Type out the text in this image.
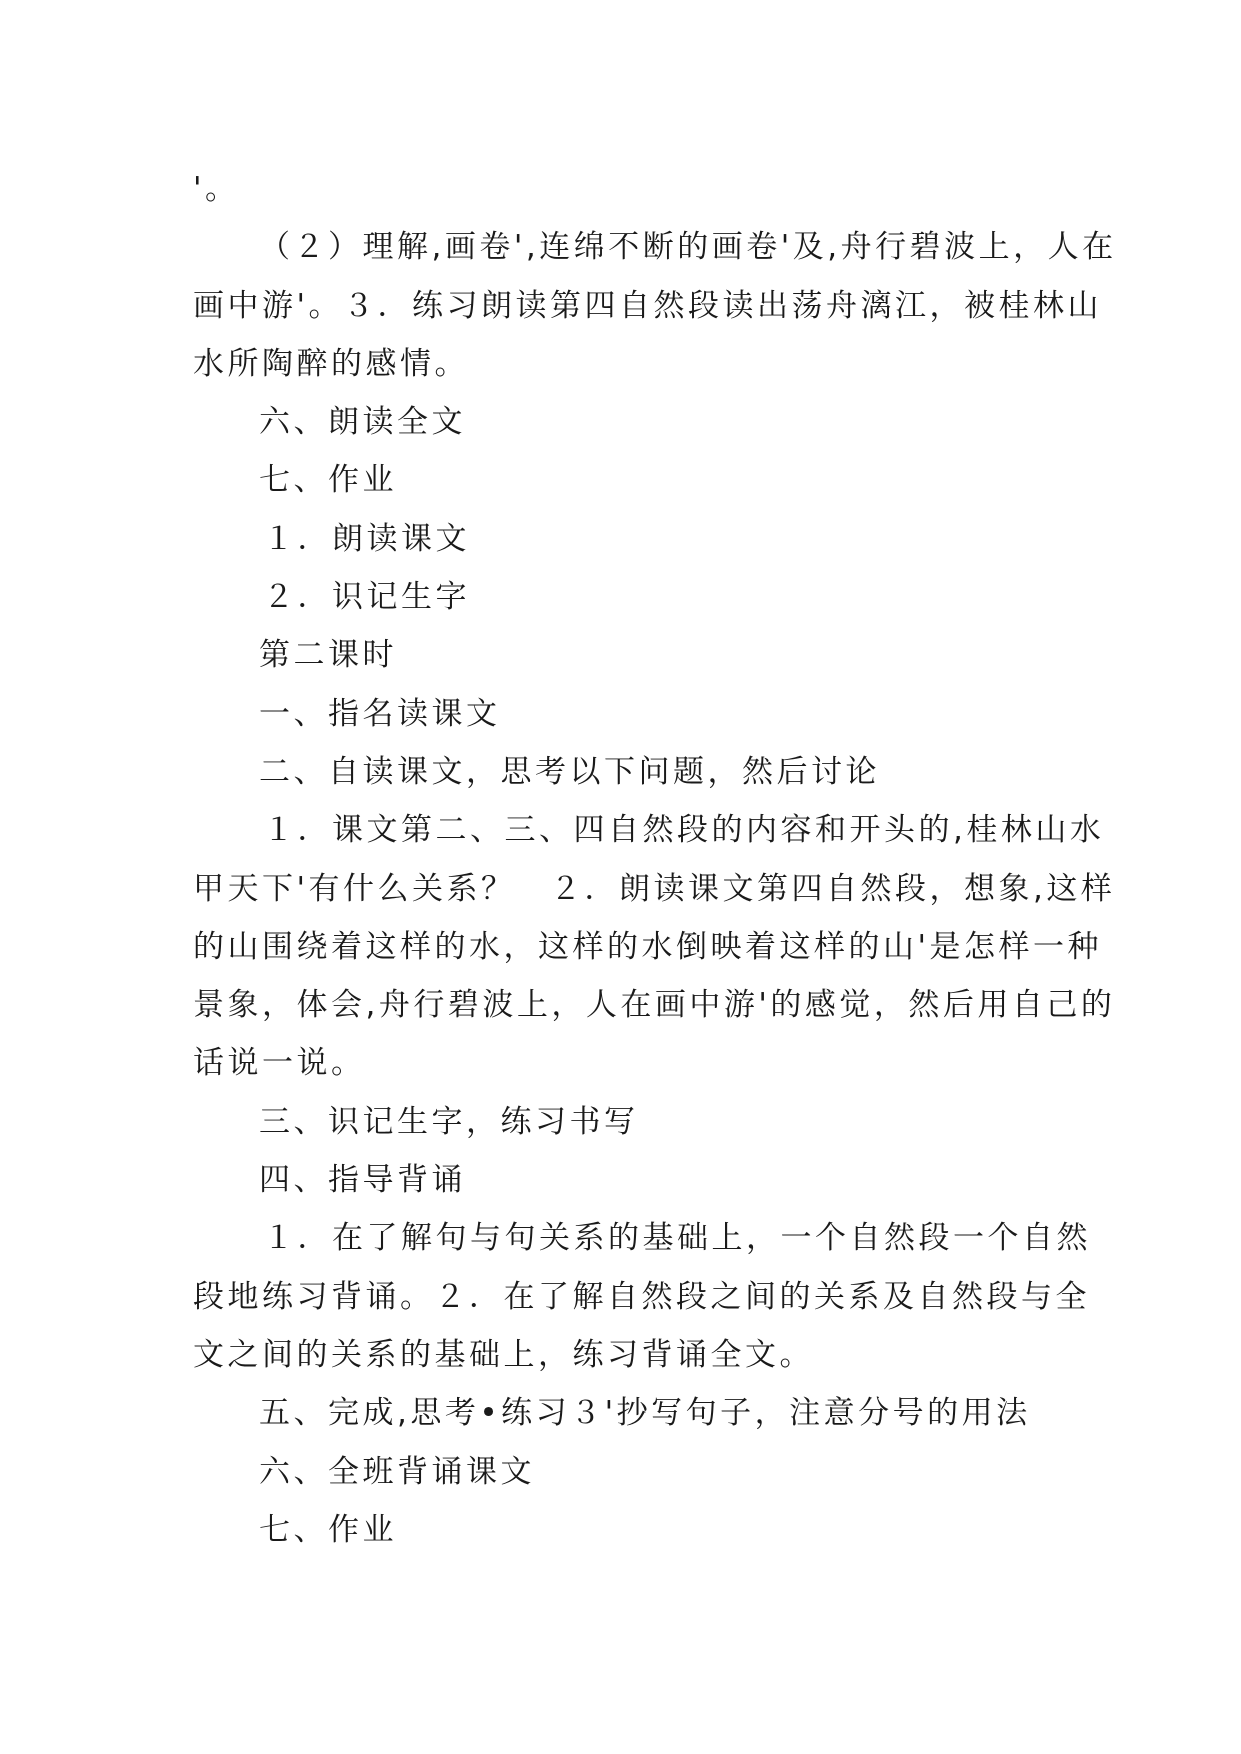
'。
（２）理解,画卷',连绵不断的画卷'及,舟行碧波上，人在
画中游'。３．练习朗读第四自然段读出荡舟漓江，被桂林山
水所陶醉的感情。
六、朗读全文
七、作业
１．朗读课文
２．识记生字
第二课时
一、指名读课文
二、自读课文，思考以下问题，然后讨论
１．课文第二、三、四自然段的内容和开头的,桂林山水
甲天下'有什么关系？　２．朗读课文第四自然段，想象,这样
的山围绕着这样的水，这样的水倒映着这样的山'是怎样一种
景象，体会,舟行碧波上，人在画中游'的感觉，然后用自己的
话说一说。
三、识记生字，练习书写
四、指导背诵
１．在了解句与句关系的基础上，一个自然段一个自然
段地练习背诵。２．在了解自然段之间的关系及自然段与全
文之间的关系的基础上，练习背诵全文。
五、完成,思考•练习３'抄写句子，注意分号的用法
六、全班背诵课文
七、作业
